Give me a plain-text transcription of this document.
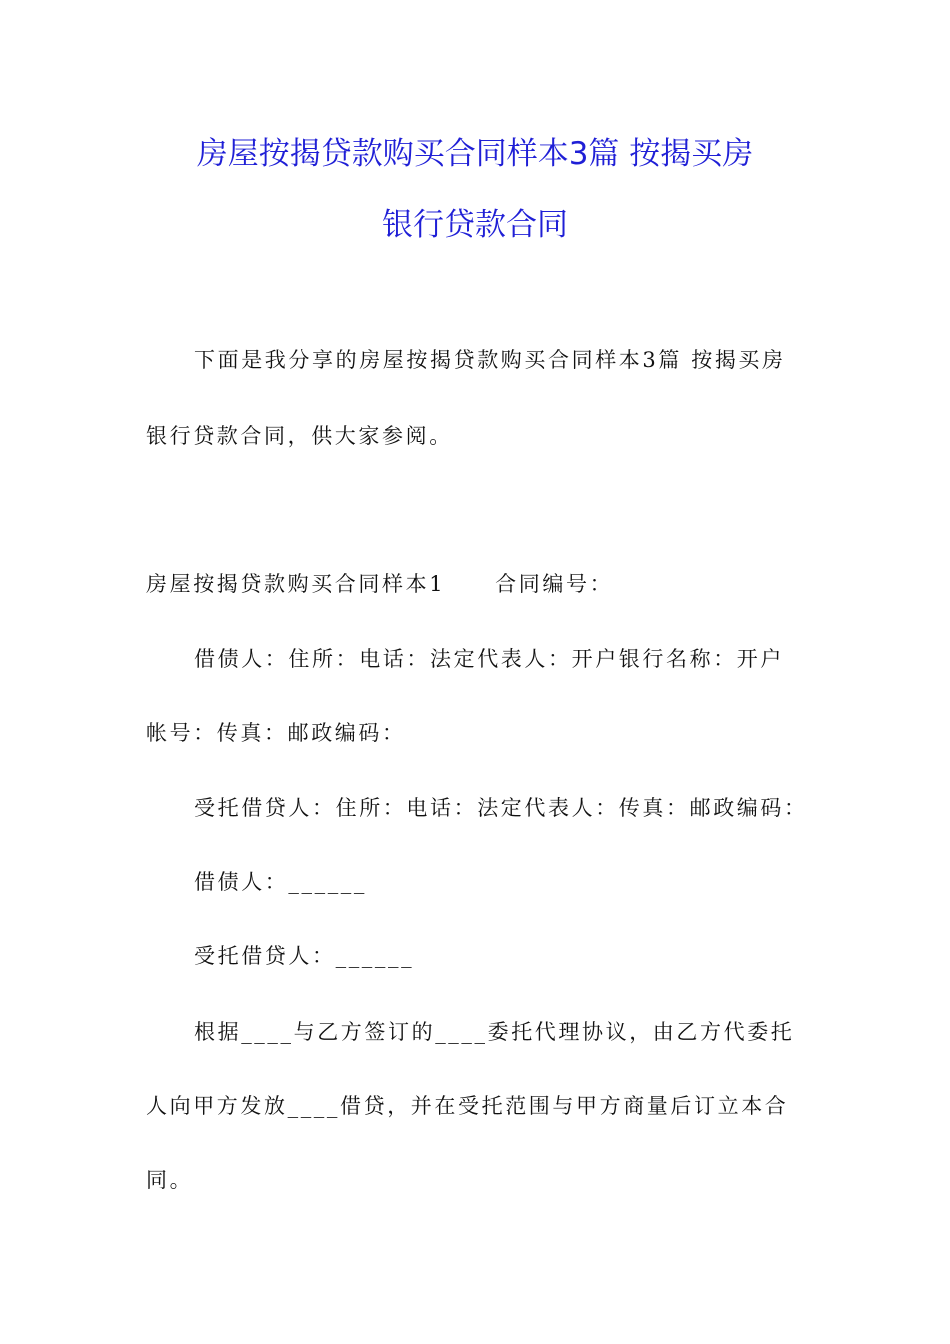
房屋按揭贷款购买合同样本3篇 按揭买房
银行贷款合同
下面是我分享的房屋按揭贷款购买合同样本3篇 按揭买房
银行贷款合同，供大家参阅。
房屋按揭贷款购买合同样本1 合同编号：
借债人：住所：电话：法定代表人：开户银行名称：开户
帐号：传真：邮政编码：
受托借贷人：住所：电话：法定代表人：传真：邮政编码：
借债人：______
受托借贷人：______
根据____与乙方签订的____委托代理协议，由乙方代委托
人向甲方发放____借贷，并在受托范围与甲方商量后订立本合
同。
